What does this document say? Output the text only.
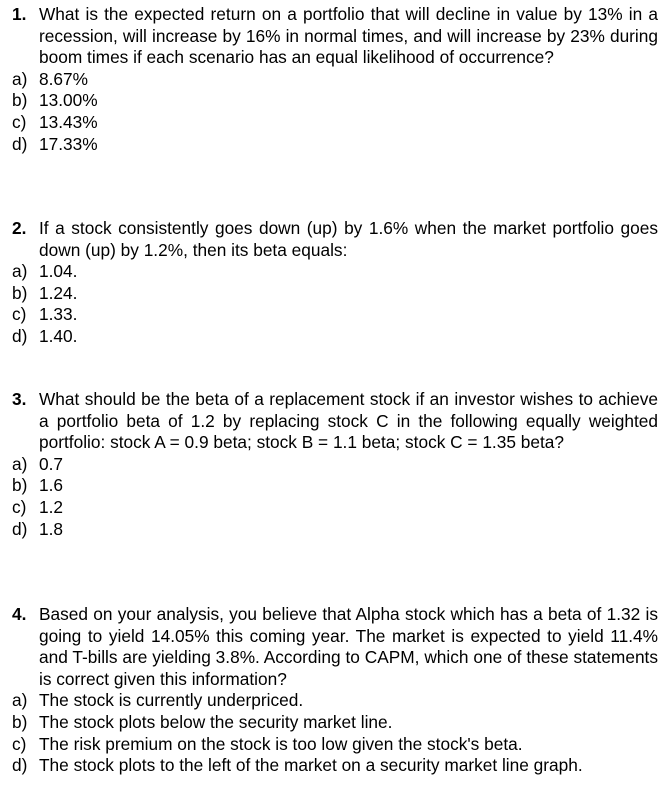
1. What is the expected return on a portfolio that will decline in value by 13% in a recession, will increase by 16% in normal times, and will increase by 23% during boom times if each scenario has an equal likelihood of occurrence?
a) 8.67%
b) 13.00%
c) 13.43%
d) 17.33%
2. If a stock consistently goes down (up) by 1.6% when the market portfolio goes down (up) by 1.2%, then its beta equals:
a) 1.04.
b) 1.24.
c) 1.33.
d) 1.40.
3. What should be the beta of a replacement stock if an investor wishes to achieve a portfolio beta of 1.2 by replacing stock C in the following equally weighted portfolio: stock A = 0.9 beta; stock B = 1.1 beta; stock C = 1.35 beta?
a) 0.7
b) 1.6
c) 1.2
d) 1.8
4. Based on your analysis, you believe that Alpha stock which has a beta of 1.32 is going to yield 14.05% this coming year. The market is expected to yield 11.4% and T-bills are yielding 3.8%. According to CAPM, which one of these statements is correct given this information?
a) The stock is currently underpriced.
b) The stock plots below the security market line.
c) The risk premium on the stock is too low given the stock's beta.
d) The stock plots to the left of the market on a security market line graph.
